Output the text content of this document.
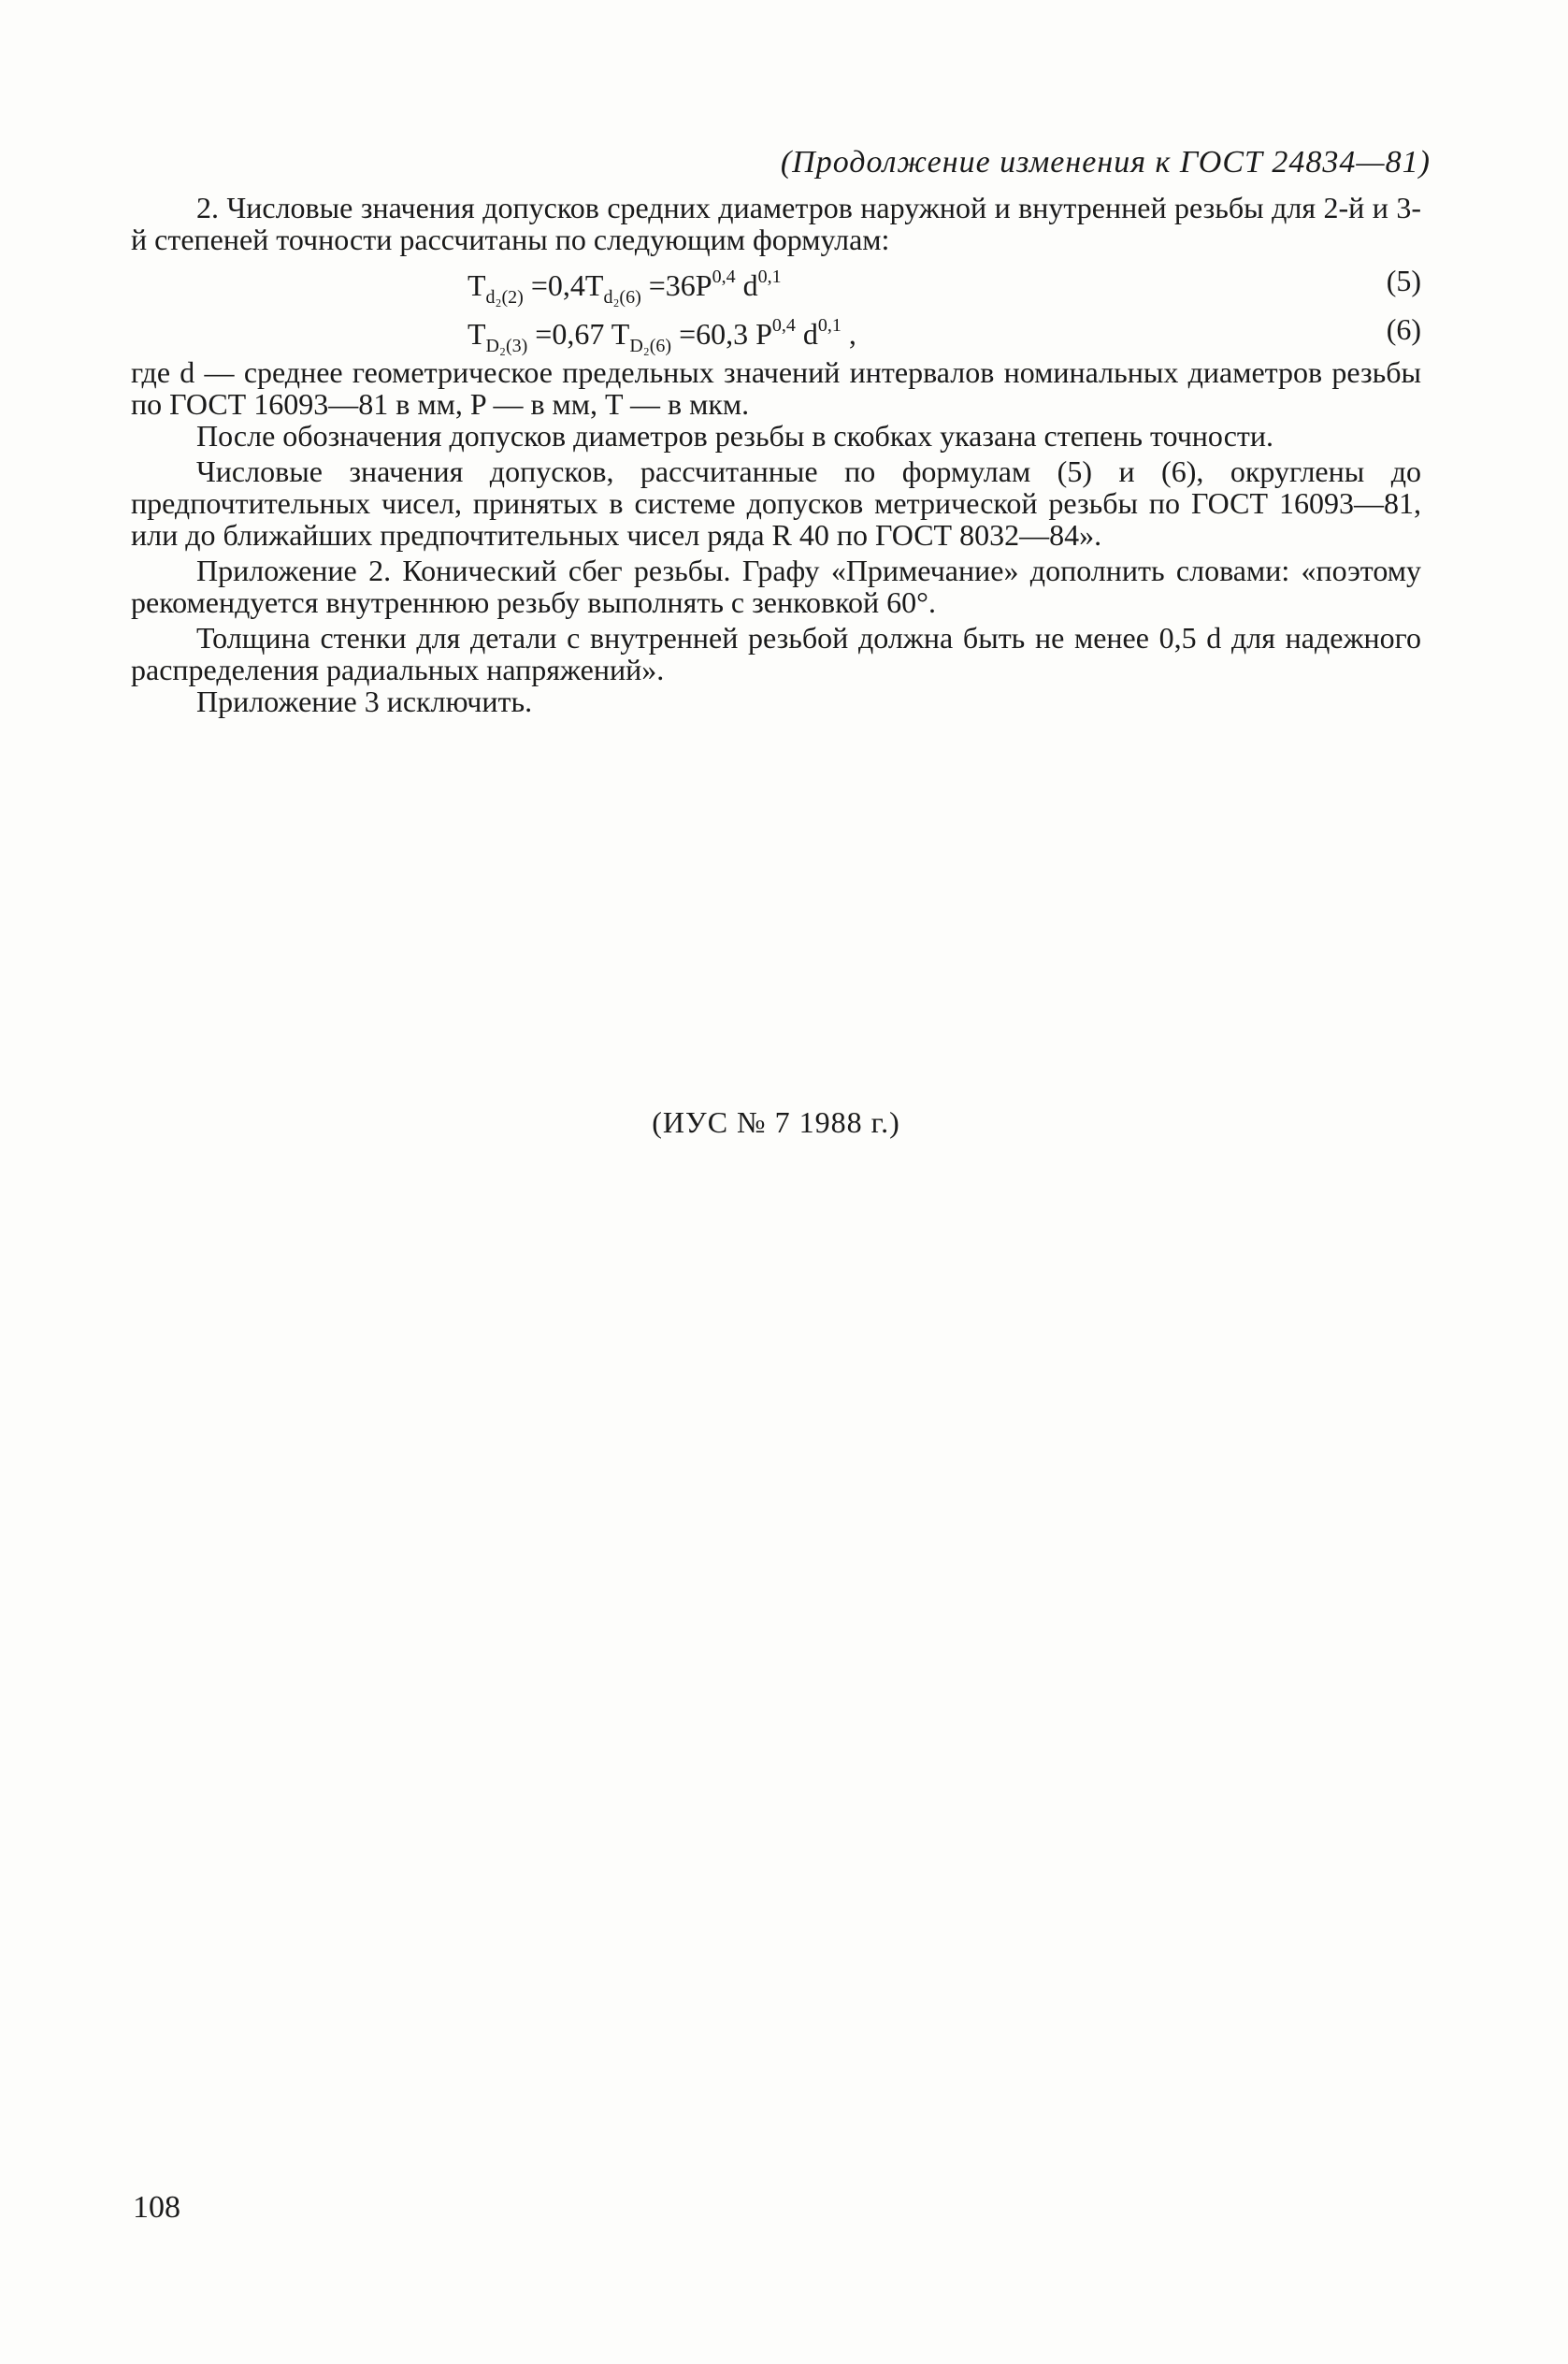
(Продолжение изменения к ГОСТ 24834—81)

2. Числовые значения допусков средних диаметров наружной и внутренней резьбы для 2-й и 3-й степеней точности рассчитаны по следующим формулам:

$T_{d_2(2)} =0,4T_{d_2(6)} =36P^{0,4}$ $d^{0,1}$	(5)
$T_{D_2(3)} =0,67$ $T_{D_2(6)} =60,3$ P$^{0,4}$ $d^{0,1}$ ,	(6)

где d — среднее геометрическое предельных значений интервалов номинальных диаметров резьбы по ГОСТ 16093—81 в мм, P — в мм, T — в мкм.

После обозначения допусков диаметров резьбы в скобках указана степень точности.

Числовые значения допусков, рассчитанные по формулам (5) и (6), округлены до предпочтительных чисел, принятых в системе допусков метрической резьбы по ГОСТ 16093—81, или до ближайших предпочтительных чисел ряда R 40 по ГОСТ 8032—84».

Приложение 2. Конический сбег резьбы. Графу «Примечание» дополнить словами: «поэтому рекомендуется внутреннюю резьбу выполнять с зенковкой 60°.

Толщина стенки для детали с внутренней резьбой должна быть не менее 0,5 d для надежного распределения радиальных напряжений».

Приложение 3 исключить.

(ИУС № 7 1988 г.)
108
